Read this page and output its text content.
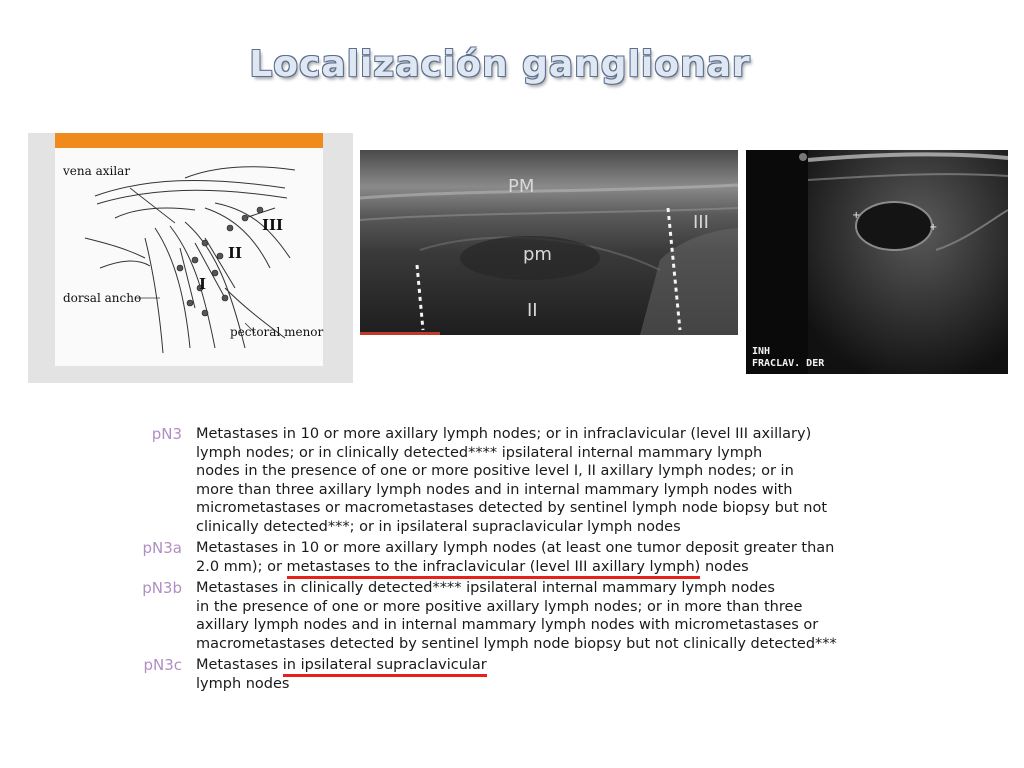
Localización ganglionar
vena axilar
dorsal ancho
pectoral menor
I
II
III
PM
pm
II
III	+
+
INH
FRACLAV. DER
pN3 Metastases in 10 or more axillary lymph nodes; or in infraclavicular (level III axillary)
lymph nodes; or in clinically detected**** ipsilateral internal mammary lymph
nodes in the presence of one or more positive level I, II axillary lymph nodes; or in
more than three axillary lymph nodes and in internal mammary lymph nodes with
micrometastases or macrometastases detected by sentinel lymph node biopsy but not
clinically detected***; or in ipsilateral supraclavicular lymph nodes
pN3a Metastases in 10 or more axillary lymph nodes (at least one tumor deposit greater than
2.0 mm); or metastases to the infraclavicular (level III axillary lymph) nodes
pN3b Metastases in clinically detected**** ipsilateral internal mammary lymph nodes
in the presence of one or more positive axillary lymph nodes; or in more than three
axillary lymph nodes and in internal mammary lymph nodes with micrometastases or
macrometastases detected by sentinel lymph node biopsy but not clinically detected***
pN3c Metastases in ipsilateral supraclavicular
lymph nodes
